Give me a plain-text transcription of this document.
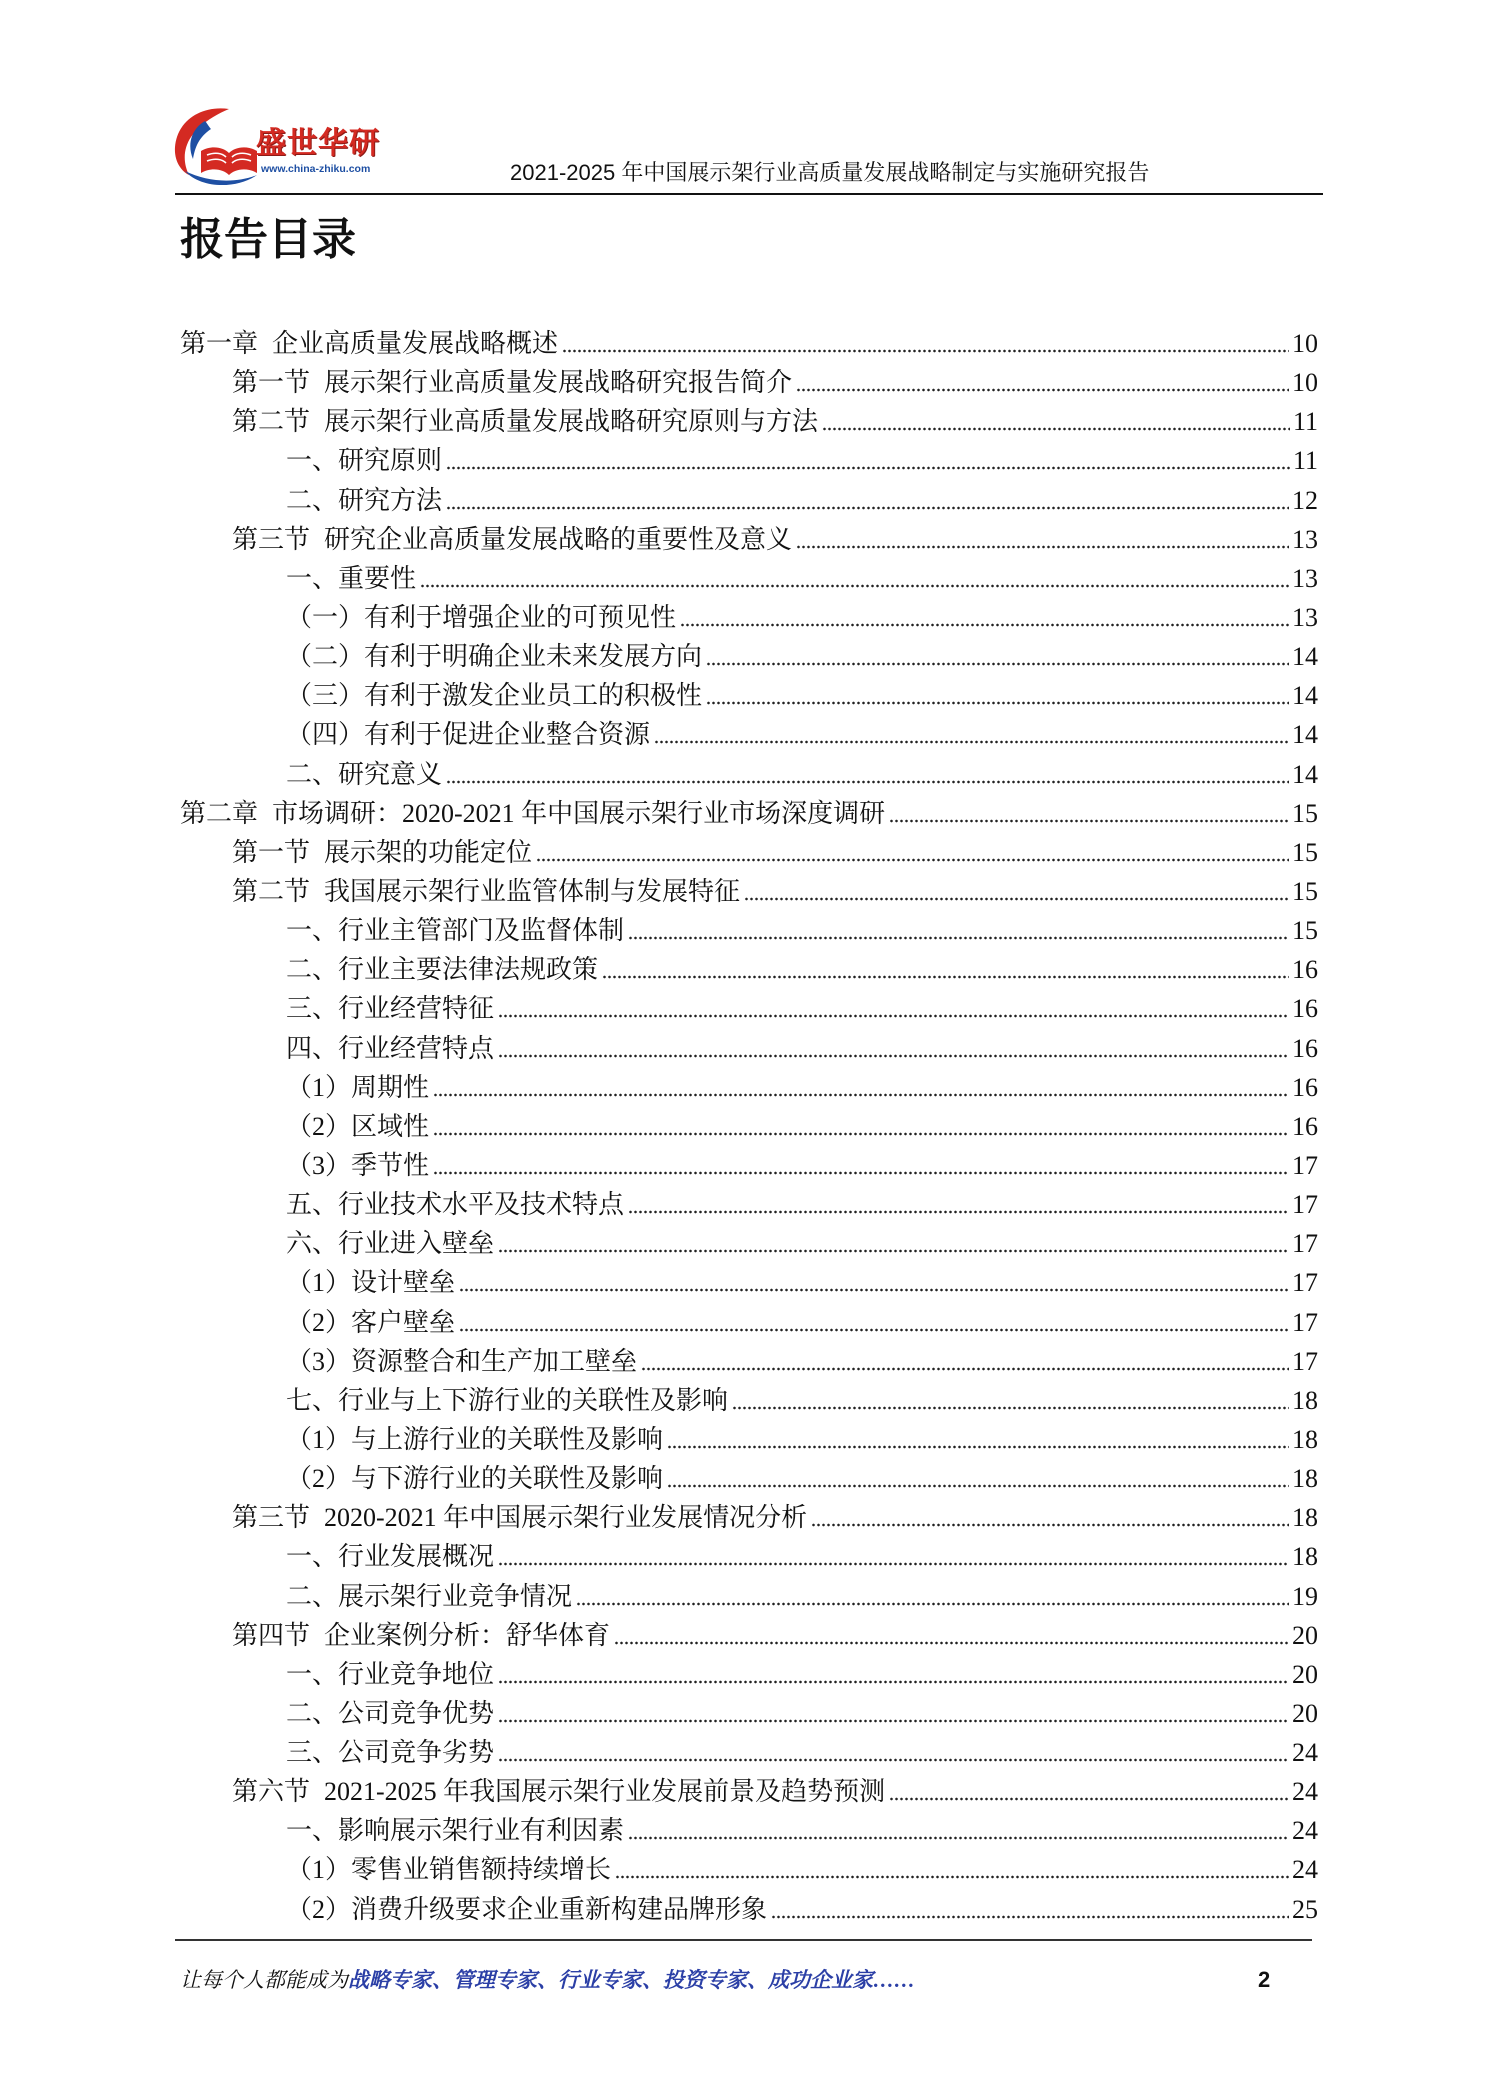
盛世华研
www.china-zhiku.com	2021-2025 年中国展示架行业高质量发展战略制定与实施研究报告
报告目录
第一章 企业高质量发展战略概述	10
第一节 展示架行业高质量发展战略研究报告简介	10
第二节 展示架行业高质量发展战略研究原则与方法	11
一、研究原则	11
二、研究方法	12
第三节 研究企业高质量发展战略的重要性及意义	13
一、重要性	13
（一）有利于增强企业的可预见性	13
（二）有利于明确企业未来发展方向	14
（三）有利于激发企业员工的积极性	14
（四）有利于促进企业整合资源	14
二、研究意义	14
第二章 市场调研：2020-2021 年中国展示架行业市场深度调研	15
第一节 展示架的功能定位	15
第二节 我国展示架行业监管体制与发展特征	15
一、行业主管部门及监督体制	15
二、行业主要法律法规政策	16
三、行业经营特征	16
四、行业经营特点	16
（1）周期性	16
（2）区域性	16
（3）季节性	17
五、行业技术水平及技术特点	17
六、行业进入壁垒	17
（1）设计壁垒	17
（2）客户壁垒	17
（3）资源整合和生产加工壁垒	17
七、行业与上下游行业的关联性及影响	18
（1）与上游行业的关联性及影响	18
（2）与下游行业的关联性及影响	18
第三节 2020-2021 年中国展示架行业发展情况分析	18
一、行业发展概况	18
二、展示架行业竞争情况	19
第四节 企业案例分析：舒华体育	20
一、行业竞争地位	20
二、公司竞争优势	20
三、公司竞争劣势	24
第六节 2021-2025 年我国展示架行业发展前景及趋势预测	24
一、影响展示架行业有利因素	24
（1）零售业销售额持续增长	24
（2）消费升级要求企业重新构建品牌形象	25
让每个人都能成为战略专家、管理专家、行业专家、投资专家、成功企业家……	2
